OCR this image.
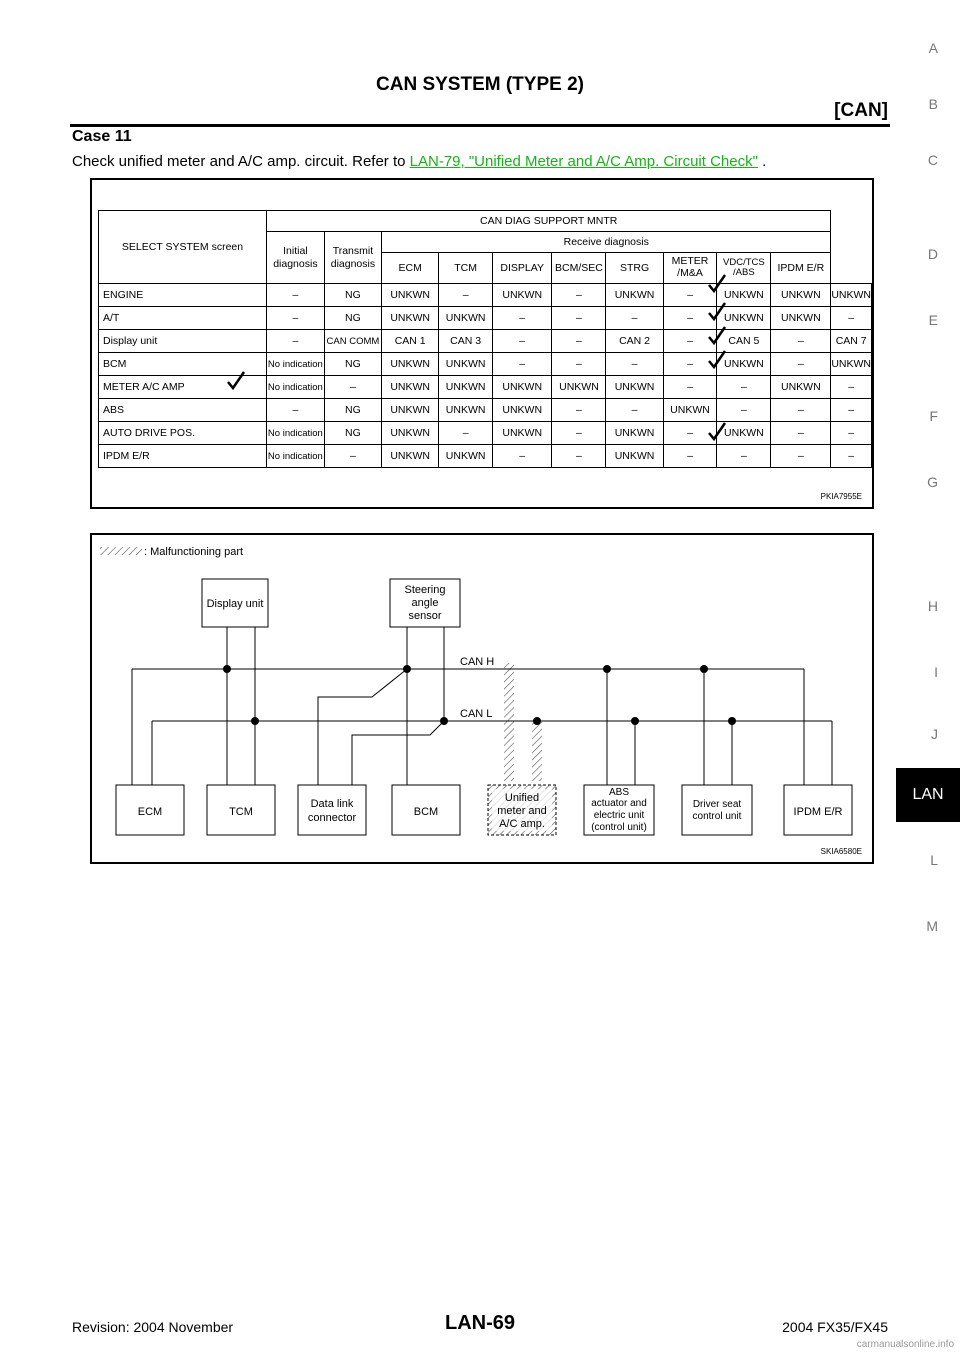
CAN SYSTEM (TYPE 2)
[CAN]
Case 11
Check unified meter and A/C amp. circuit. Refer to LAN-79, "Unified Meter and A/C Amp. Circuit Check" .
A
B
C
D
E
F
G
H
I
J
LAN
L
M
SELECT SYSTEM screen	CAN DIAG SUPPORT MNTR										
	Initial diagnosis	Transmit diagnosis	Receive diagnosis								
			ECM	TCM	DISPLAY	BCM/SEC	STRG	METER /M&A	VDC/TCS /ABS	IPDM E/R	
ENGINE	–	NG	UNKWN	–	UNKWN	–	UNKWN	–	UNKWN	UNKWN	UNKWN
A/T	–	NG	UNKWN	UNKWN	–	–	–	–	UNKWN	UNKWN	–
Display unit	–	CAN COMM	CAN 1	CAN 3	–	–	CAN 2	–	CAN 5	–	CAN 7
BCM	No indication	NG	UNKWN	UNKWN	–	–	–	–	UNKWN	–	UNKWN
METER A/C AMP	No indication	–	UNKWN	UNKWN	UNKWN	UNKWN	UNKWN	–	–	UNKWN	–
ABS	–	NG	UNKWN	UNKWN	UNKWN	–	–	UNKWN	–	–	–
AUTO DRIVE POS.	No indication	NG	UNKWN	–	UNKWN	–	UNKWN	–	UNKWN	–	–
IPDM E/R	No indication	–	UNKWN	UNKWN	–	–	UNKWN	–	–	–	–
PKIA7955E
: Malfunctioning part
CAN H
CAN L
Display unit
Steering
angle
sensor
ECM	TCM
Data link
connector	BCM
Unified
meter and
A/C amp.
ABS
actuator and
electric unit
(control unit)
Driver seat
control unit	IPDM E/R
SKIA6580E
Revision: 2004 November	LAN-69	2004 FX35/FX45
carmanualsonline.info
